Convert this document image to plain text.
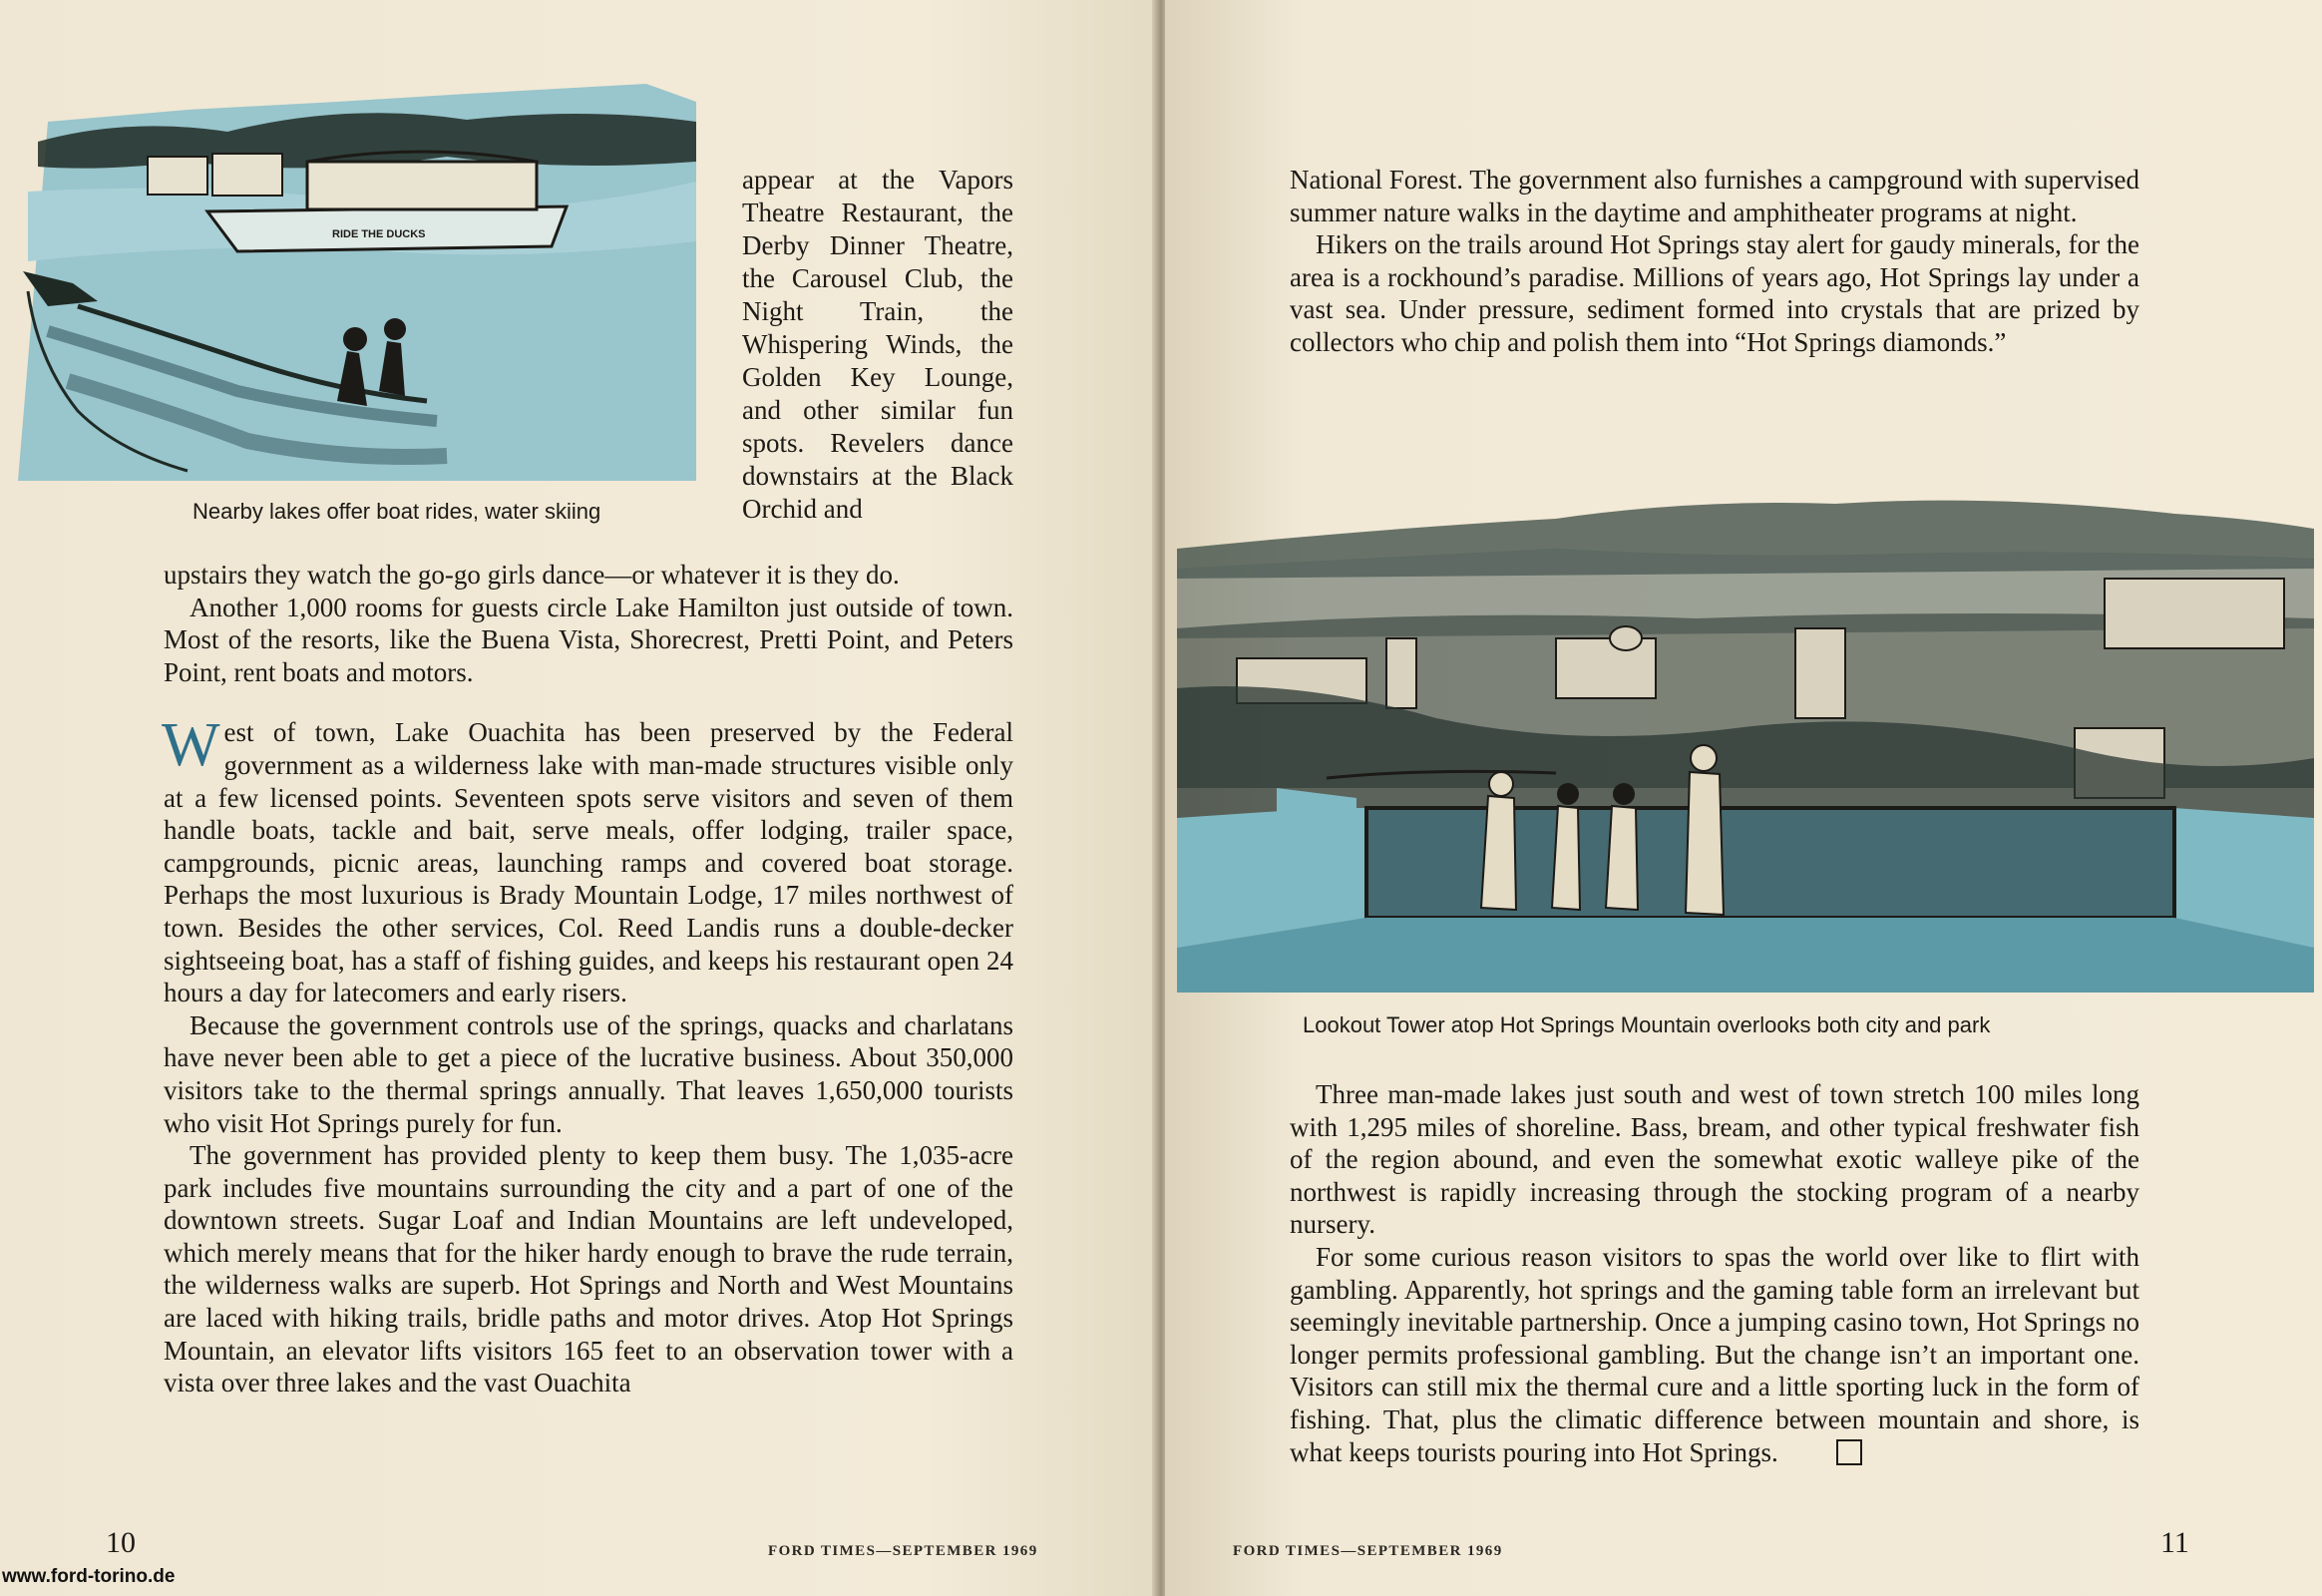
RIDE THE DUCKS
Nearby lakes offer boat rides, water skiing

appear at the Vapors Theatre Restaurant, the Derby Dinner Theatre, the Carousel Club, the Night Train, the Whispering Winds, the Golden Key Lounge, and other similar fun spots. Revelers dance downstairs at the Black Orchid and

upstairs they watch the go-go girls dance—or whatever it is they do.

Another 1,000 rooms for guests circle Lake Hamilton just outside of town. Most of the resorts, like the Buena Vista, Shorecrest, Pretti Point, and Peters Point, rent boats and motors.

West of town, Lake Ouachita has been preserved by the Federal government as a wilderness lake with man-made structures visible only at a few licensed points. Seventeen spots serve visitors and seven of them handle boats, tackle and bait, serve meals, offer lodging, trailer space, campgrounds, picnic areas, launching ramps and covered boat storage. Perhaps the most luxurious is Brady Mountain Lodge, 17 miles northwest of town. Besides the other services, Col. Reed Landis runs a double-decker sightseeing boat, has a staff of fishing guides, and keeps his restaurant open 24 hours a day for latecomers and early risers.

Because the government controls use of the springs, quacks and charlatans have never been able to get a piece of the lucrative business. About 350,000 visitors take to the thermal springs annually. That leaves 1,650,000 tourists who visit Hot Springs purely for fun.

The government has provided plenty to keep them busy. The 1,035-acre park includes five mountains surrounding the city and a part of one of the downtown streets. Sugar Loaf and Indian Mountains are left undeveloped, which merely means that for the hiker hardy enough to brave the rude terrain, the wilderness walks are superb. Hot Springs and North and West Mountains are laced with hiking trails, bridle paths and motor drives. Atop Hot Springs Mountain, an elevator lifts visitors 165 feet to an observation tower with a vista over three lakes and the vast Ouachita

10	FORD TIMES—SEPTEMBER 1969
www.ford-torino.de

National Forest. The government also furnishes a campground with supervised summer nature walks in the daytime and amphitheater programs at night.

Hikers on the trails around Hot Springs stay alert for gaudy minerals, for the area is a rockhound’s paradise. Millions of years ago, Hot Springs lay under a vast sea. Under pressure, sediment formed into crystals that are prized by collectors who chip and polish them into “Hot Springs diamonds.”

Lookout Tower atop Hot Springs Mountain overlooks both city and park

Three man-made lakes just south and west of town stretch 100 miles long with 1,295 miles of shoreline. Bass, bream, and other typical freshwater fish of the region abound, and even the somewhat exotic walleye pike of the northwest is rapidly increasing through the stocking program of a nearby nursery.

For some curious reason visitors to spas the world over like to flirt with gambling. Apparently, hot springs and the gaming table form an irrelevant but seemingly inevitable partnership. Once a jumping casino town, Hot Springs no longer permits professional gambling. But the change isn’t an important one. Visitors can still mix the thermal cure and a little sporting luck in the form of fishing. That, plus the climatic difference between mountain and shore, is what keeps tourists pouring into Hot Springs.

FORD TIMES—SEPTEMBER 1969	11
